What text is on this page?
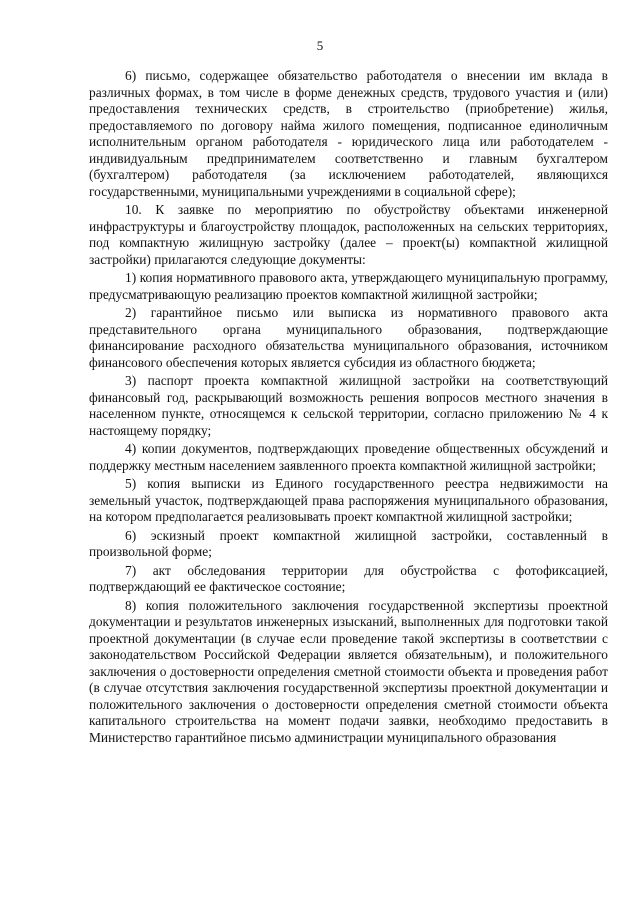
5

6) письмо, содержащее обязательство работодателя о внесении им вклада в различных формах, в том числе в форме денежных средств, трудового участия и (или) предоставления технических средств, в строительство (приобретение) жилья, предоставляемого по договору найма жилого помещения, подписанное единоличным исполнительным органом работодателя - юридического лица или работодателем - индивидуальным предпринимателем соответственно и главным бухгалтером (бухгалтером) работодателя (за исключением работодателей, являющихся государственными, муниципальными учреждениями в социальной сфере);

10. К заявке по мероприятию по обустройству объектами инженерной инфраструктуры и благоустройству площадок, расположенных на сельских территориях, под компактную жилищную застройку (далее – проект(ы) компактной жилищной застройки) прилагаются следующие документы:

1) копия нормативного правового акта, утверждающего муниципальную программу, предусматривающую реализацию проектов компактной жилищной застройки;

2) гарантийное письмо или выписка из нормативного правового акта представительного органа муниципального образования, подтверждающие финансирование расходного обязательства муниципального образования, источником финансового обеспечения которых является субсидия из областного бюджета;

3) паспорт проекта компактной жилищной застройки на соответствующий финансовый год, раскрывающий возможность решения вопросов местного значения в населенном пункте, относящемся к сельской территории, согласно приложению № 4 к настоящему порядку;

4) копии документов, подтверждающих проведение общественных обсуждений и поддержку местным населением заявленного проекта компактной жилищной застройки;

5) копия выписки из Единого государственного реестра недвижимости на земельный участок, подтверждающей права распоряжения муниципального образования, на котором предполагается реализовывать проект компактной жилищной застройки;

6) эскизный проект компактной жилищной застройки, составленный в произвольной форме;

7) акт обследования территории для обустройства с фотофиксацией, подтверждающий ее фактическое состояние;

8) копия положительного заключения государственной экспертизы проектной документации и результатов инженерных изысканий, выполненных для подготовки такой проектной документации (в случае если проведение такой экспертизы в соответствии с законодательством Российской Федерации является обязательным), и положительного заключения о достоверности определения сметной стоимости объекта и проведения работ (в случае отсутствия заключения государственной экспертизы проектной документации и положительного заключения о достоверности определения сметной стоимости объекта капитального строительства на момент подачи заявки, необходимо предоставить в Министерство гарантийное письмо администрации муниципального образования
